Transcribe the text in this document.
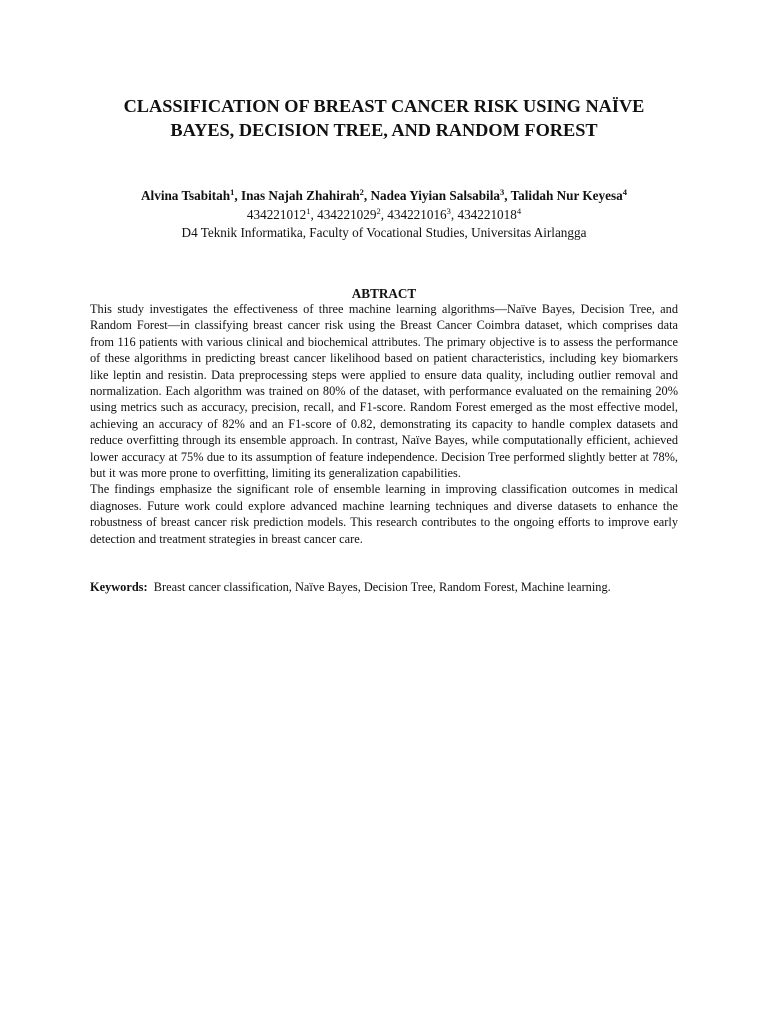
CLASSIFICATION OF BREAST CANCER RISK USING NAÏVE
BAYES, DECISION TREE, AND RANDOM FOREST
Alvina Tsabitah$^1$, Inas Najah Zhahirah$^2$, Nadea Yiyian Salsabila$^3$, Talidah Nur Keyesa$^4$
434221012$^1$, 434221029$^2$, 434221016$^3$, 434221018$^4$
D4 Teknik Informatika, Faculty of Vocational Studies, Universitas Airlangga
ABTRACT

This study investigates the effectiveness of three machine learning algorithms—Naïve Bayes, Decision Tree, and Random Forest—in classifying breast cancer risk using the Breast Cancer Coimbra dataset, which comprises data from 116 patients with various clinical and biochemical attributes. The primary objective is to assess the performance of these algorithms in predicting breast cancer likelihood based on patient characteristics, including key biomarkers like leptin and resistin. Data preprocessing steps were applied to ensure data quality, including outlier removal and normalization. Each algorithm was trained on 80% of the dataset, with performance evaluated on the remaining 20% using metrics such as accuracy, precision, recall, and F1-score. Random Forest emerged as the most effective model, achieving an accuracy of 82% and an F1-score of 0.82, demonstrating its capacity to handle complex datasets and reduce overfitting through its ensemble approach. In contrast, Naïve Bayes, while computationally efficient, achieved lower accuracy at 75% due to its assumption of feature independence. Decision Tree performed slightly better at 78%, but it was more prone to overfitting, limiting its generalization capabilities.

The findings emphasize the significant role of ensemble learning in improving classification outcomes in medical diagnoses. Future work could explore advanced machine learning techniques and diverse datasets to enhance the robustness of breast cancer risk prediction models. This research contributes to the ongoing efforts to improve early detection and treatment strategies in breast cancer care.

Keywords: Breast cancer classification, Naïve Bayes, Decision Tree, Random Forest, Machine learning.
